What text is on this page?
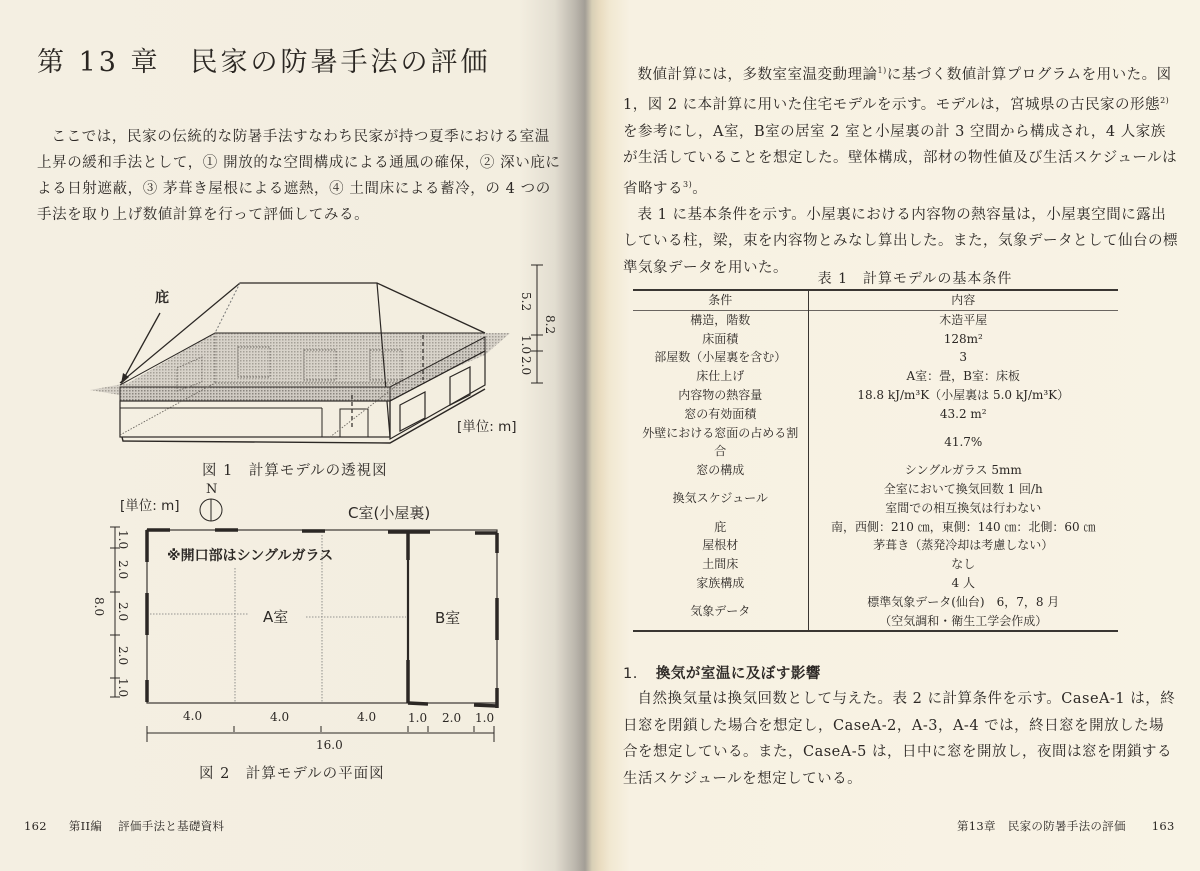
第 13 章　民家の防暑手法の評価

ここでは，民家の伝統的な防暑手法すなわち民家が持つ夏季における室温上昇の緩和手法として，① 開放的な空間構成による通風の確保，② 深い庇による日射遮蔽，③ 茅葺き屋根による遮熱，④ 土間床による蓄冷，の 4 つの手法を取り上げ数値計算を行って評価してみる。

庇	5.2
1.0
2.0
8.2
[単位: m]
図 1　計算モデルの透視図
[単位: m]
N
C室(小屋裏)
※開口部はシングルガラス
A室	B室
1.0
2.0
2.0
2.0
1.0
8.0
4.0	4.0	4.0	1.0 2.0 1.0
16.0
図 2　計算モデルの平面図
162 第II編 評価手法と基礎資料

数値計算には，多数室室温変動理論$^{1)}$に基づく数値計算プログラムを用いた。図 1，図 2 に本計算に用いた住宅モデルを示す。モデルは，宮城県の古民家の形態$^{2)}$を参考にし，A室，B室の居室 2 室と小屋裏の計 3 空間から構成され，4 人家族が生活していることを想定した。壁体構成，部材の物性値及び生活スケジュールは省略する$^{3)}$。

表 1 に基本条件を示す。小屋裏における内容物の熱容量は，小屋裏空間に露出している柱，梁，束を内容物とみなし算出した。また，気象データとして仙台の標準気象データを用いた。

表 1　計算モデルの基本条件
条件	内容
構造，階数	木造平屋

床面積	128m²

部屋数（小屋裏を含む）	3

床仕上げ	A室：畳，B室：床板

内容物の熱容量	18.8 kJ/m³K（小屋裏は 5.0 kJ/m³K）

窓の有効面積	43.2 m²

外壁における窓面の占める割合	41.7%

窓の構成	シングルガラス 5mm

換気スケジュール	全室において換気回数 1 回/h
室間での相互換気は行わない

庇	南，西側：210 ㎝，東側：140 ㎝：北側：60 ㎝

屋根材	茅葺き（蒸発冷却は考慮しない）

土間床	なし

家族構成	4 人

気象データ	標準気象データ(仙台)　6，7，8 月
（空気調和・衛生工学会作成）
1. 換気が室温に及ぼす影響

自然換気量は換気回数として与えた。表 2 に計算条件を示す。CaseA-1 は，終日窓を閉鎖した場合を想定し，CaseA-2，A-3，A-4 では，終日窓を開放した場合を想定している。また，CaseA-5 は，日中に窓を開放し，夜間は窓を閉鎖する生活スケジュールを想定している。

第13章 民家の防暑手法の評価 163
